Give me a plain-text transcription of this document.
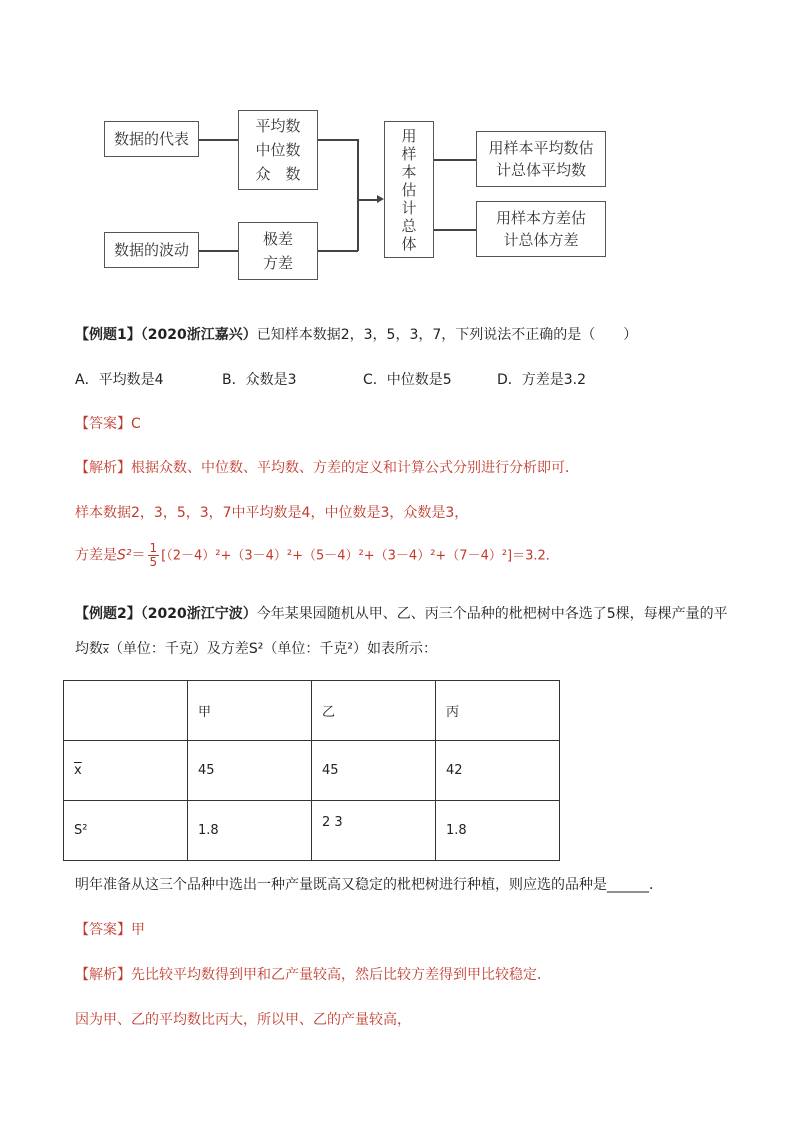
数据的代表
平均数
中位数
众　数
数据的波动
极差
方差
用
样
本
估
计
总
体
用样本平均数估
计总体平均数
用样本方差估
计总体方差
【例题1】（2020浙江嘉兴）已知样本数据2，3，5，3，7，下列说法不正确的是（　　）
A．平均数是4	B．众数是3	C．中位数是5	D．方差是3.2
【答案】C
【解析】根据众数、中位数、平均数、方差的定义和计算公式分别进行分析即可．
样本数据2，3，5，3，7中平均数是4，中位数是3，众数是3，
方差是$S^2= \frac{1}{5} [(2-4)^2+(3-4)^2+(5-4)^2+(3-4)^2+(7-4)^2]=3.2$．
【例题2】（2020浙江宁波）今年某果园随机从甲、乙、丙三个品种的枇杷树中各选了5棵，每棵产量的平
均数$\overline{x}$（单位：千克）及方差S²（单位：千克²）如表所示：
	甲	乙	丙
$\overline{x}$	45	45	42
S²	1.8	2 3	1.8
明年准备从这三个品种中选出一种产量既高又稳定的枇杷树进行种植，则应选的品种是______．
【答案】甲
【解析】先比较平均数得到甲和乙产量较高，然后比较方差得到甲比较稳定．
因为甲、乙的平均数比丙大，所以甲、乙的产量较高，
